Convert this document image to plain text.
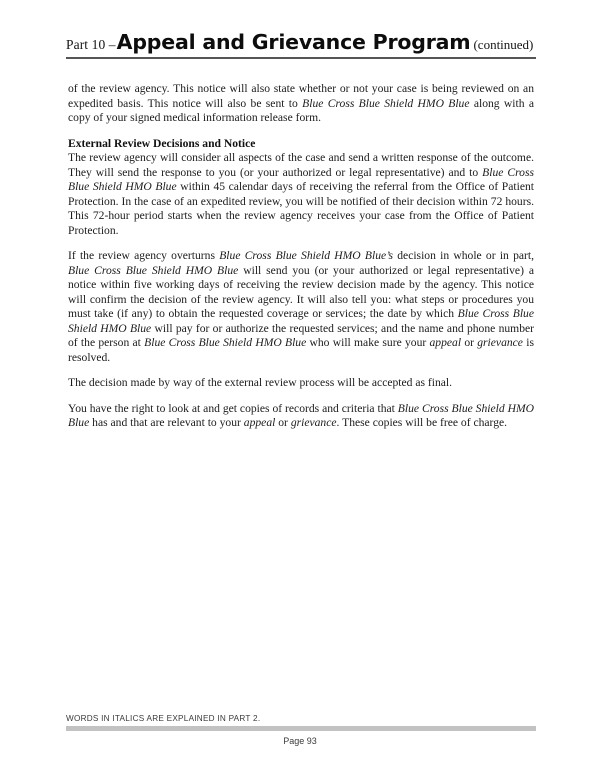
Part 10 –Appeal and Grievance Program (continued)

of the review agency. This notice will also state whether or not your case is being reviewed on an expedited basis. This notice will also be sent to Blue Cross Blue Shield HMO Blue along with a copy of your signed medical information release form.

External Review Decisions and Notice

The review agency will consider all aspects of the case and send a written response of the outcome. They will send the response to you (or your authorized or legal representative) and to Blue Cross Blue Shield HMO Blue within 45 calendar days of receiving the referral from the Office of Patient Protection. In the case of an expedited review, you will be notified of their decision within 72 hours. This 72-hour period starts when the review agency receives your case from the Office of Patient Protection.

If the review agency overturns Blue Cross Blue Shield HMO Blue’s decision in whole or in part, Blue Cross Blue Shield HMO Blue will send you (or your authorized or legal representative) a notice within five working days of receiving the review decision made by the agency. This notice will confirm the decision of the review agency. It will also tell you: what steps or procedures you must take (if any) to obtain the requested coverage or services; the date by which Blue Cross Blue Shield HMO Blue will pay for or authorize the requested services; and the name and phone number of the person at Blue Cross Blue Shield HMO Blue who will make sure your appeal or grievance is resolved.

The decision made by way of the external review process will be accepted as final.

You have the right to look at and get copies of records and criteria that Blue Cross Blue Shield HMO Blue has and that are relevant to your appeal or grievance. These copies will be free of charge.

WORDS IN ITALICS ARE EXPLAINED IN PART 2.
Page 93
